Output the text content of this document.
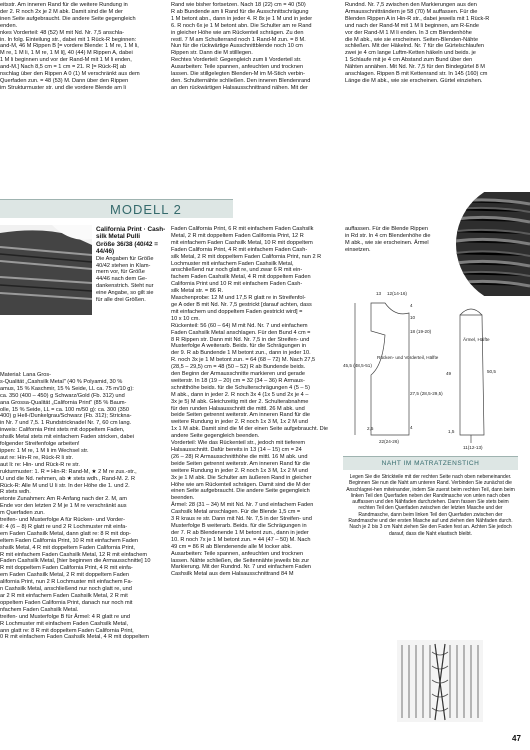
eitsstr. Am inneren Rand für die weitere Rundung in

der 2. R noch 2x je 2 M abk. Damit sind die M der

inen Seite aufgebraucht. Die andere Seite gegengleich

enden.

nkes Vorderteil: 48 (52) M mit Nd. Nr. 7,5 anschla-

in. In folg. Einteilung str., dabei mit 1 Rück-R beginnen:

and-M, 46 M Rippen B [= vordere Blende: 1 M re, 1 M li,

M re, 1 M li, 1 M re, 1 M li], 40 (44) M Rippen A, dabei

1 M li beginnen und vor der Rand-M mit 1 M li enden,

and-M.] Nach 8,5 cm = 1 cm = 21. R [= Rück-R] ab

nschlag über den Rippen A 0 (1) M verschränkt aus dem

Querfaden zun. = 48 (53) M. Dann über den Rippen

im Strukturmuster str. und die vordere Blende am li

Rand wie bisher fortsetzen. Nach 18 (22) cm = 40 (50)

R ab Bundende am li Rand für die Ausschnittschrägung

1 M betont abn., dann in jeder 4. R 8x je 1 M und in jeder

6. R noch 6x je 1 M betont abn. Die Schulter am re Rand

in gleicher Höhe wie am Rückenteil schrägen. Zu den

restl. 7 M am Schulterrand noch 1 Rand-M zun. = 8 M.

Nun für die rückwärtige Ausschnittblende noch 10 cm

Rippen str. Dann die M stilllegen.

Rechtes Vorderteil: Gegengleich zum li Vorderteil str.

Ausarbeiten: Teile spannen, anfeuchten und trocknen

lassen. Die stillgelegten Blenden-M im M-Stich verbin-

den. Schulternähte schließen. Den inneren Blendenrand

an den rückwärtigen Halsausschnittrand nähen. Mit der

Rundnd. Nr. 7,5 zwischen den Markierungen aus den

Armausschnitträndern je 58 (70) M auffassen. Für die

Blenden Rippen A in Hin-R str., dabei jeweils mit 1 Rück-R

und nach der Rand-M mit 1 M li beginnen, am R-Ende

vor der Rand-M 1 M li enden. In 3 cm Blendenhöhe

die M abk., wie sie erscheinen. Seiten-Blenden-Nähte

schließen. Mit der Häkelnd. Nr. 7 für die Gürtelschlaufen

zwei je 4 cm lange Luftm-Ketten häkeln und beids. je

1 Schlaufe mit je 4 cm Abstand zum Bund über den

Nähten annähen. Mit Nd. Nr. 7,5 für den Bindegürtel 8 M

anschlagen. Rippen B mit Kettenrand str. In 145 (160) cm

Länge die M abk., wie sie erscheinen. Gürtel einziehen.

MODELL 2
California Print · Cash-silk Metal Pulli
Größe 36/38 (40/42 = 44/46)

Die Angaben für Größe

40/42 stehen in Klam-

mern vor, für Größe

44/46 nach dem Ge-

dankenstrich. Steht nur

eine Angabe, so gilt sie

für alle drei Größen.

Material: Lana Gros-

s-Qualität „Cashsilk Metal" (40 % Polyamid, 30 %

amus, 15 % Kaschmir, 15 % Seide, LL ca. 75 m/10 g):

ca. 350 (400 – 450) g Schwarz/Gold (Fb. 312) und

ana Grossa-Qualität „California Print" (85 % Baum-

olle, 15 % Seide, LL = ca. 100 m/50 g): ca. 300 (350

400) g Hell-/Dunkelgrau/Schwarz (Fb. 312); Stricknа-

in Nr. 7 und 7,5. 1 Rundstricknadel Nr. 7, 60 cm lang.

inweis: California Print stets mit doppeltem Faden,

shsilk Metal stets mit einfachem Faden stricken, dabei

folgender Streifenfolge arbeiten!

ippen: 1 M re, 1 M li im Wechsel str.

aut re: Hin-R re, Rück-R li str.

aut li: re: Hin- und Rück-R re str.

rukturmuster: 1. R = Hin-R: Rand-M, ★ 2 M re zus.-str.,

U und die Nd. nehmen, ab ★ stets wdh., Rand-M. 2. R

Rück-R: Alle M und U li str. In der Höhe die 1. und 2.

R stets wdh.

etonte Zunahmen: Am R-Anfang nach der 2. M, am

Ende vor den letzten 2 M je 1 M re verschränkt aus

m Querfaden zun.

treifen- und Musterfolge A für Rücken- und Vorder-

il: 4 (6 – 8) R glatt re und 2 R Lochmuster mit einfa-

em Faden Cashsilk Metal, dann glatt re: 8 R mit dop-

eltem Faden California Print, 10 R mit einfachem Faden

shsilk Metal, 4 R mit doppeltem Faden California Print,

R mit einfachem Faden Cashsilk Metal, 12 R mit einfachem

Faden Cashsilk Metal, [hier beginnen die Armausschnitte] 10

R mit doppeltem Faden California Print, 4 R mit einfa-

em Faden Cashsilk Metal, 2 R mit doppeltem Faden

alifornia Print, nun 2 R Lochmuster mit einfachem Fa-

n Cashsilk Metal, anschließend nur noch glatt re, und

ar 2 R mit einfachem Faden Cashsilk Metal, 2 R mit

oppeltem Faden California Print, danach nur noch mit

nfachem Faden Cashsilk Metal.

treifen- und Musterfolge B für Ärmel: 4 R glatt re und

R Lochmuster mit einfachem Faden Cashsilk Metal,

ann glatt re: 8 R mit doppeltem Faden California Print,

0 R mit einfachem Faden Cashsilk Metal, 4 R mit doppeltem

Faden California Print, 6 R mit einfachem Faden Cashsilk

Metal, 2 R mit doppeltem Faden California Print, 12 R

mit einfachem Faden Cashsilk Metal, 10 R mit doppeltem

Faden California Print, 4 R mit einfachem Faden Cash-

silk Metal, 2 R mit doppeltem Faden California Print, nun 2 R

Lochmuster mit einfachem Faden Cashsilk Metal,

anschließend nur noch glatt re, und zwar 6 R mit ein-

fachem Faden Cashsilk Metal, 4 R mit doppeltem Faden

California Print und 10 R mit einfachem Faden Cash-

silk Metal str. = 86 R.

Maschenprobe: 12 M und 17,5 R glatt re in Streifenfol-

ge A oder B mit Nd. Nr. 7,5 gestrickt [darauf achten, dass

mit einfachem und doppeltem Faden gestrickt wird] =

10 x 10 cm.

Rückenteil: 56 (60 – 64) M mit Nd. Nr. 7 und einfachem

Faden Cashsilk Metal anschlagen. Für den Bund 4 cm =

8 R Rippen str. Dann mit Nd. Nr. 7,5 in der Streifen- und

Musterfolge A weiterarb. Beids. für die Schrägungen in

der 9. R ab Bundende 1 M betont zun., dann in jeder 10.

R. noch 3x je 1 M betont zun. = 64 (68 – 72) M. Nach 27,5

(28,5 – 29,5) cm = 48 (50 – 52) R ab Bundende beids.

den Beginn der Armausschnitte markieren und gerade

weiterstr. In 18 (19 – 20) cm = 32 (34 – 36) R Armaus-

schnitthöhe beids. für die Schulterschrägungen 4 (5 – 5)

M abk., dann in jeder 2. R noch 3x 4 (1x 5 und 2x je 4 –

3x je 5) M abk. Gleichzeitig mit der 2. Schulterabnahme

für den runden Halsausschnitt die mittl. 26 M abk. und

beide Seiten getrennt weiterstr. Am inneren Rand für die

weitere Rundung in jeder 2. R noch 1x 3 M, 1x 2 M und

1x 1 M abk. Damit sind die M der einen Seite aufgebraucht. Die

andere Seite gegengleich beenden.

Vorderteil: Wie das Rückenteil str., jedoch mit tieferem

Halsausschnitt. Dafür bereits in 13 (14 – 15) cm = 24

(26 – 28) R Armausschnitthöhe die mittl. 16 M abk. und

beide Seiten getrennt weiterstr. Am inneren Rand für die

weitere Rundung in jeder 2. R noch 1x 3 M, 1x 2 M und

3x je 1 M abk. Die Schulter am äußeren Rand in gleicher

Höhe wie am Rückenteil schrägen. Damit sind die M der

einen Seite aufgebraucht. Die andere Seite gegengleich

beenden.

Ärmel: 28 (31 – 34) M mit Nd. Nr. 7 und einfachem Faden

Cashsilk Metal anschlagen. Für die Blende 1,5 cm =

3 R kraus re str. Dann mit Nd. Nr. 7,5 in der Streifen- und

Musterfolge B weiterarb. Beids. für die Schrägungen in

der 7. R ab Blendenende 1 M betont zun., dann in jeder

10. R noch 7x je 1 M betont zun. = 44 (47 – 50) M. Nach

49 cm = 86 R ab Blendenende alle M locker abk.

Ausarbeiten: Teile spannen, anfeuchten und trocknen

lassen. Nähte schließen, die Seitennähte jeweils bis zur

Markierung. Mit der Rundnd. Nr. 7 und einfachem Faden

Cashsilk Metal aus dem Halsausschnittrand 84 M

auffassen. Für die Blende Rippen

in Rd str. In 4 cm Blendenhöhe die

M abk., wie sie erscheinen. Ärmel

einsetzen.

13 12(14-16)
4
10
18 (19-20)
45,5 (48,5-51)
Rücken- und Vorderteil, Hälfte
27,5 (28,5-29,5)
4
22(24-26)
2,5
Ärmel, Hälfte
50,5
49
1,5
11(12-13)
NAHT IM MATRATZENSTICH
Legen Sie die Strickteile mit der rechten Seite nach oben nebeneinander. Beginnen Sie nun die Naht am unteren Rand. Verbinden Sie zunächst die Anschlagrei-hen miteinander, indem Sie zuerst beim rechten Teil, dann beim linken Teil den Querfaden neben der Randmasche von unten nach oben auffassen und den Nähfaden durchziehen. Dann fassen Sie stets beim rechten Teil den Querfaden zwischen der letzten Masche und der Randmasche, dann beim linken Teil den Querfaden zwischen der Randmasche und der ersten Masche auf und ziehen den Nähfaden durch. Nach je 2 bis 3 cm Naht ziehen Sie den Faden fest an. Achten Sie jedoch darauf, dass die Naht elastisch bleibt.
47
